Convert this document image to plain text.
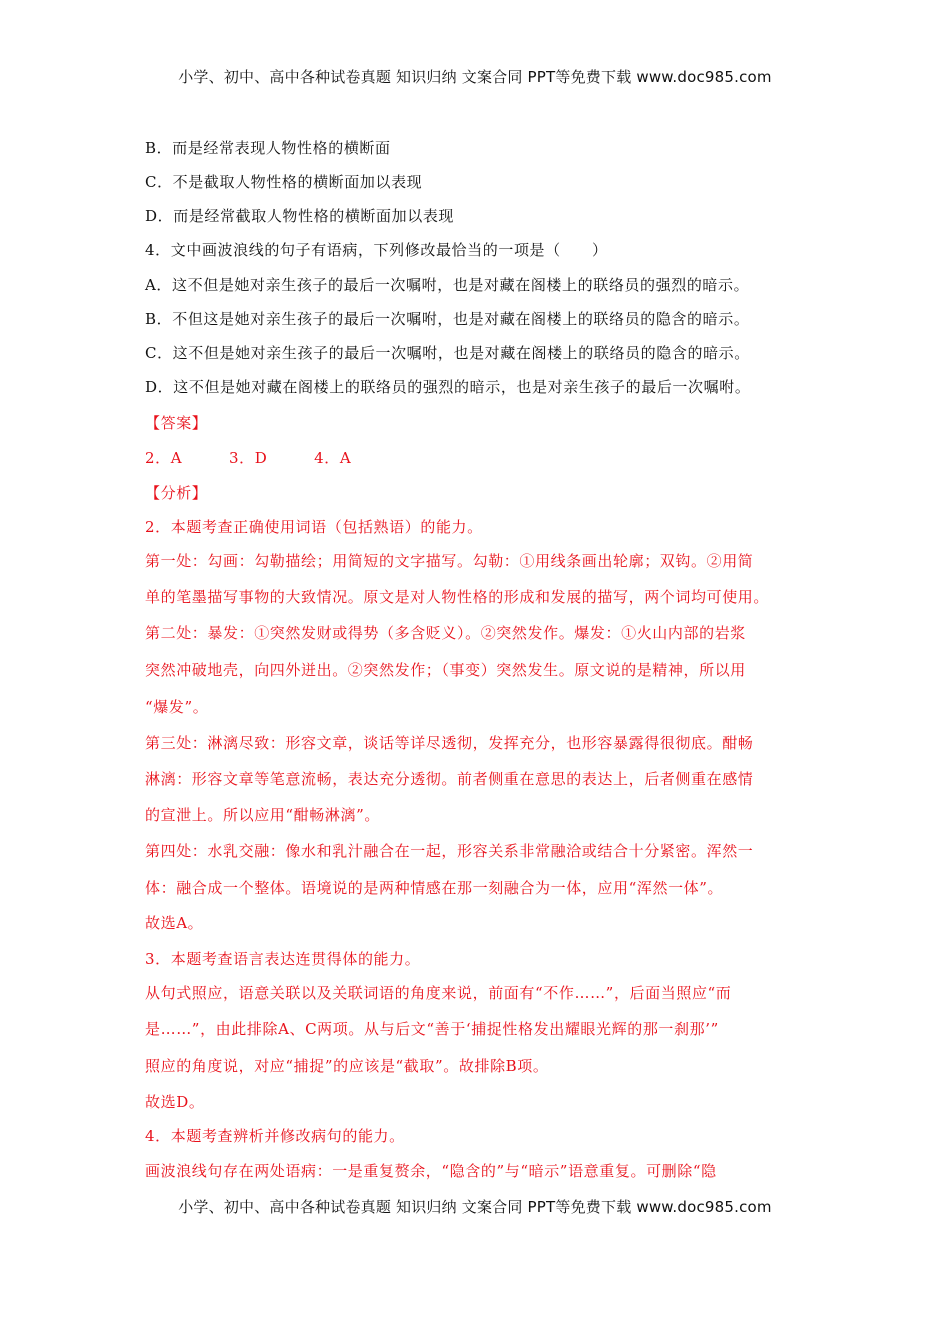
小学、初中、高中各种试卷真题 知识归纳 文案合同 PPT等免费下载 www.doc985.com
B．而是经常表现人物性格的横断面
C．不是截取人物性格的横断面加以表现
D．而是经常截取人物性格的横断面加以表现
4．文中画波浪线的句子有语病，下列修改最恰当的一项是（　　）
A．这不但是她对亲生孩子的最后一次嘱咐，也是对藏在阁楼上的联络员的强烈的暗示。
B．不但这是她对亲生孩子的最后一次嘱咐，也是对藏在阁楼上的联络员的隐含的暗示。
C．这不但是她对亲生孩子的最后一次嘱咐，也是对藏在阁楼上的联络员的隐含的暗示。
D．这不但是她对藏在阁楼上的联络员的强烈的暗示，也是对亲生孩子的最后一次嘱咐。
【答案】
2．A　　　3．D　　　4．A
【分析】
2．本题考查正确使用词语（包括熟语）的能力。
第一处：勾画：勾勒描绘；用简短的文字描写。勾勒：①用线条画出轮廓；双钩。②用简
单的笔墨描写事物的大致情况。原文是对人物性格的形成和发展的描写，两个词均可使用。
第二处：暴发：①突然发财或得势（多含贬义）。②突然发作。爆发：①火山内部的岩浆
突然冲破地壳，向四外迸出。②突然发作；（事变）突然发生。原文说的是精神，所以用
“爆发”。
第三处：淋漓尽致：形容文章，谈话等详尽透彻，发挥充分，也形容暴露得很彻底。酣畅
淋漓：形容文章等笔意流畅，表达充分透彻。前者侧重在意思的表达上，后者侧重在感情
的宣泄上。所以应用“酣畅淋漓”。
第四处：水乳交融：像水和乳汁融合在一起，形容关系非常融洽或结合十分紧密。浑然一
体：融合成一个整体。语境说的是两种情感在那一刻融合为一体，应用“浑然一体”。
故选A。
3．本题考查语言表达连贯得体的能力。
从句式照应，语意关联以及关联词语的角度来说，前面有“不作……”，后面当照应“而
是……”，由此排除A、C两项。从与后文“善于‘捕捉性格发出耀眼光辉的那一刹那’”
照应的角度说，对应“捕捉”的应该是“截取”。故排除B项。
故选D。
4．本题考查辨析并修改病句的能力。
画波浪线句存在两处语病：一是重复赘余，“隐含的”与“暗示”语意重复。可删除“隐
小学、初中、高中各种试卷真题 知识归纳 文案合同 PPT等免费下载 www.doc985.com
